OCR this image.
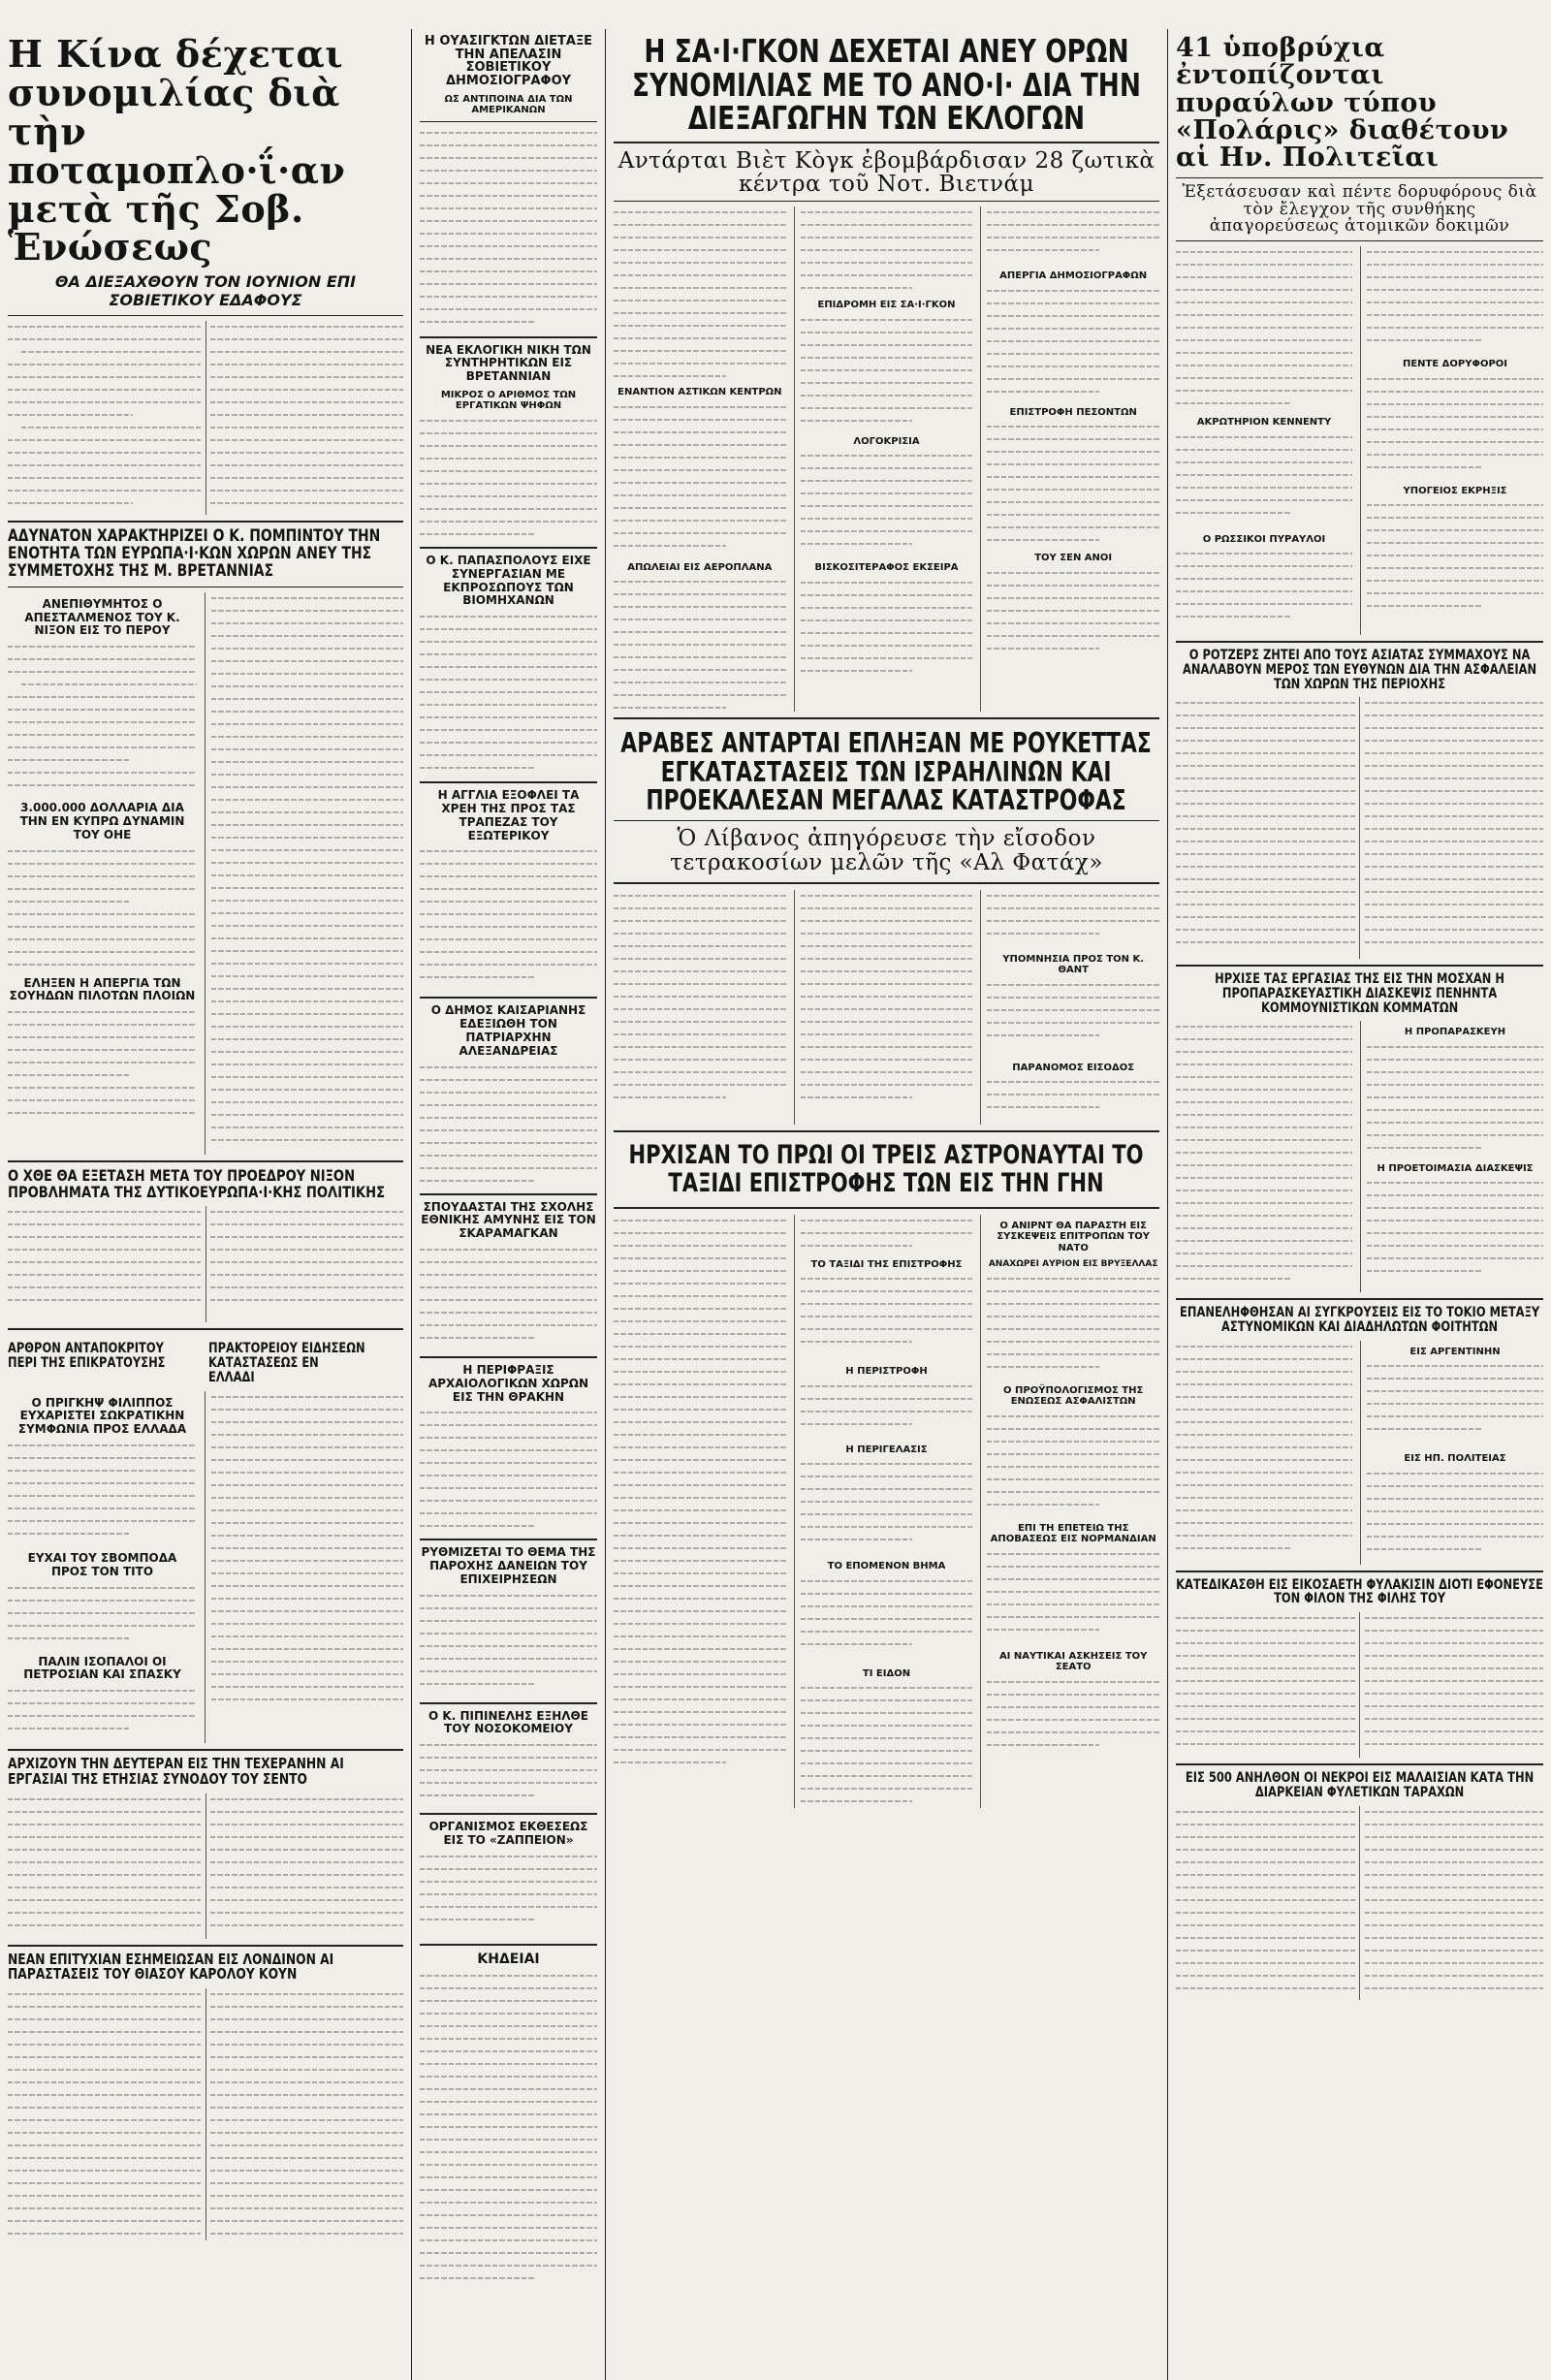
Η Κίνα δέχεται συνομιλίας διὰ τὴν ποταμοπλο·ΐ·αν μετὰ τῆς Σοβ. Ἑνώσεως
ΘΑ ΔΙΕΞΑΧΘΟΥΝ ΤΟΝ ΙΟΥΝΙΟΝ ΕΠΙ ΣΟΒΙΕΤΙΚΟΥ ΕΔΑΦΟΥΣ
ΑΔΥΝΑΤΟΝ ΧΑΡΑΚΤΗΡΙΖΕΙ Ο Κ. ΠΟΜΠΙΝΤΟΥ ΤΗΝ ΕΝΟΤΗΤΑ ΤΩΝ ΕΥΡΩΠΑ·Ι·ΚΩΝ ΧΩΡΩΝ ΑΝΕΥ ΤΗΣ ΣΥΜΜΕΤΟΧΗΣ ΤΗΣ Μ. ΒΡΕΤΑΝΝΙΑΣ
ΑΝΕΠΙΘΥΜΗΤΟΣ Ο ΑΠΕΣΤΑΛΜΕΝΟΣ ΤΟΥ Κ. ΝΙΞΟΝ ΕΙΣ ΤΟ ΠΕΡΟΥ
3.000.000 ΔΟΛΛΑΡΙΑ ΔΙΑ ΤΗΝ ΕΝ ΚΥΠΡΩ ΔΥΝΑΜΙΝ ΤΟΥ ΟΗΕ
ΕΛΗΞΕΝ Η ΑΠΕΡΓΙΑ ΤΩΝ ΣΟΥΗΔΩΝ ΠΙΛΟΤΩΝ ΠΛΟΙΩΝ
Ο ΧΘΕ ΘΑ ΕΞΕΤΑΣΗ ΜΕΤΑ ΤΟΥ ΠΡΟΕΔΡΟΥ ΝΙΞΟΝ ΠΡΟΒΛΗΜΑΤΑ ΤΗΣ ΔΥΤΙΚΟΕΥΡΩΠΑ·Ι·ΚΗΣ ΠΟΛΙΤΙΚΗΣ
ΑΡΘΡΟΝ ΑΝΤΑΠΟΚΡΙΤΟΥ ΠΕΡΙ ΤΗΣ ΕΠΙΚΡΑΤΟΥΣΗΣ
ΠΡΑΚΤΟΡΕΙΟΥ ΕΙΔΗΣΕΩΝ ΚΑΤΑΣΤΑΣΕΩΣ ΕΝ ΕΛΛΑΔΙ
Ο ΠΡΙΓΚΗΨ ΦΙΛΙΠΠΟΣ ΕΥΧΑΡΙΣΤΕΙ ΣΩΚΡΑΤΙΚΗΝ ΣΥΜΦΩΝΙΑ ΠΡΟΣ ΕΛΛΑΔΑ
ΕΥΧΑΙ ΤΟΥ ΣΒΟΜΠΟΔΑ ΠΡΟΣ ΤΟΝ ΤΙΤΟ
ΠΑΛΙΝ ΙΣΟΠΑΛΟΙ ΟΙ ΠΕΤΡΟΣΙΑΝ ΚΑΙ ΣΠΑΣΚΥ
ΑΡΧΙΖΟΥΝ ΤΗΝ ΔΕΥΤΕΡΑΝ ΕΙΣ ΤΗΝ ΤΕΧΕΡΑΝΗΝ ΑΙ ΕΡΓΑΣΙΑΙ ΤΗΣ ΕΤΗΣΙΑΣ ΣΥΝΟΔΟΥ ΤΟΥ ΣΕΝΤΟ
ΝΕΑΝ ΕΠΙΤΥΧΙΑΝ ΕΣΗΜΕΙΩΣΑΝ ΕΙΣ ΛΟΝΔΙΝΟΝ ΑΙ ΠΑΡΑΣΤΑΣΕΙΣ ΤΟΥ ΘΙΑΣΟΥ ΚΑΡΟΛΟΥ ΚΟΥΝ
Η ΟΥΑΣΙΓΚΤΩΝ ΔΙΕΤΑΞΕ ΤΗΝ ΑΠΕΛΑΣΙΝ ΣΟΒΙΕΤΙΚΟΥ ΔΗΜΟΣΙΟΓΡΑΦΟΥ
ΩΣ ΑΝΤΙΠΟΙΝΑ ΔΙΑ ΤΩΝ ΑΜΕΡΙΚΑΝΩΝ
ΝΕΑ ΕΚΛΟΓΙΚΗ ΝΙΚΗ ΤΩΝ ΣΥΝΤΗΡΗΤΙΚΩΝ ΕΙΣ ΒΡΕΤΑΝΝΙΑΝ
ΜΙΚΡΟΣ Ο ΑΡΙΘΜΟΣ ΤΩΝ ΕΡΓΑΤΙΚΩΝ ΨΗΦΩΝ
Ο Κ. ΠΑΠΑΣΠΟΛΟΥΣ ΕΙΧΕ ΣΥΝΕΡΓΑΣΙΑΝ ΜΕ ΕΚΠΡΟΣΩΠΟΥΣ ΤΩΝ ΒΙΟΜΗΧΑΝΩΝ
Η ΑΓΓΛΙΑ ΕΞΟΦΛΕΙ ΤΑ ΧΡΕΗ ΤΗΣ ΠΡΟΣ ΤΑΣ ΤΡΑΠΕΖΑΣ ΤΟΥ ΕΞΩΤΕΡΙΚΟΥ
Ο ΔΗΜΟΣ ΚΑΙΣΑΡΙΑΝΗΣ ΕΔΕΞΙΩΘΗ ΤΟΝ ΠΑΤΡΙΑΡΧΗΝ ΑΛΕΞΑΝΔΡΕΙΑΣ
ΣΠΟΥΔΑΣΤΑΙ ΤΗΣ ΣΧΟΛΗΣ ΕΘΝΙΚΗΣ ΑΜΥΝΗΣ ΕΙΣ ΤΟΝ ΣΚΑΡΑΜΑΓΚΑΝ
Η ΠΕΡΙΦΡΑΞΙΣ ΑΡΧΑΙΟΛΟΓΙΚΩΝ ΧΩΡΩΝ ΕΙΣ ΤΗΝ ΘΡΑΚΗΝ
ΡΥΘΜΙΖΕΤΑΙ ΤΟ ΘΕΜΑ ΤΗΣ ΠΑΡΟΧΗΣ ΔΑΝΕΙΩΝ ΤΟΥ ΕΠΙΧΕΙΡΗΣΕΩΝ
Ο Κ. ΠΙΠΙΝΕΛΗΣ ΕΞΗΛΘΕ ΤΟΥ ΝΟΣΟΚΟΜΕΙΟΥ
ΟΡΓΑΝΙΣΜΟΣ ΕΚΘΕΣΕΩΣ ΕΙΣ ΤΟ «ΖΑΠΠΕΙΟΝ»
ΚΗΔΕΙΑΙ
Η ΣΑ·Ι·ΓΚΟΝ ΔΕΧΕΤΑΙ ΑΝΕΥ ΟΡΩΝ ΣΥΝΟΜΙΛΙΑΣ ΜΕ ΤΟ ΑΝΟ·Ι· ΔΙΑ ΤΗΝ ΔΙΕΞΑΓΩΓΗΝ ΤΩΝ ΕΚΛΟΓΩΝ
Αντάρται Βιὲτ Κὸγκ ἐβομβάρδισαν 28 ζωτικὰ κέντρα τοῦ Νοτ. Βιετνάμ
ΕΝΑΝΤΙΟΝ ΑΣΤΙΚΩΝ ΚΕΝΤΡΩΝ
ΑΠΩΛΕΙΑΙ ΕΙΣ ΑΕΡΟΠΛΑΝΑ
ΕΠΙΔΡΟΜΗ ΕΙΣ ΣΑ·Ι·ΓΚΟΝ
ΛΟΓΟΚΡΙΣΙΑ
ΒΙΣΚΟΣΙΤΕΡΑΦΟΣ ΕΚΣΕΙΡΑ
ΑΠΕΡΓΙΑ ΔΗΜΟΣΙΟΓΡΑΦΩΝ
ΕΠΙΣΤΡΟΦΗ ΠΕΣΟΝΤΩΝ
ΤΟΥ ΣΕΝ ΑΝΟΙ
ΑΡΑΒΕΣ ΑΝΤΑΡΤΑΙ ΕΠΛΗΞΑΝ ΜΕ ΡΟΥΚΕΤΤΑΣ ΕΓΚΑΤΑΣΤΑΣΕΙΣ ΤΩΝ ΙΣΡΑΗΛΙΝΩΝ ΚΑΙ ΠΡΟΕΚΑΛΕΣΑΝ ΜΕΓΑΛΑΣ ΚΑΤΑΣΤΡΟΦΑΣ
Ὁ Λίβανος ἀπηγόρευσε τὴν εἴσοδον τετρακοσίων μελῶν τῆς «Αλ Φατάχ»
ΥΠΟΜΝΗΣΙΑ ΠΡΟΣ ΤΟΝ Κ. ΘΑΝΤ
ΠΑΡΑΝΟΜΟΣ ΕΙΣΟΔΟΣ
ΗΡΧΙΣΑΝ ΤΟ ΠΡΩΙ ΟΙ ΤΡΕΙΣ ΑΣΤΡΟΝΑΥΤΑΙ ΤΟ ΤΑΞΙΔΙ ΕΠΙΣΤΡΟΦΗΣ ΤΩΝ ΕΙΣ ΤΗΝ ΓΗΝ
ΤΟ ΤΑΞΙΔΙ ΤΗΣ ΕΠΙΣΤΡΟΦΗΣ
Η ΠΕΡΙΣΤΡΟΦΗ
Η ΠΕΡΙΓΕΛΑΣΙΣ
ΤΟ ΕΠΟΜΕΝΟΝ ΒΗΜΑ
ΤΙ ΕΙΔΟΝ
Ο ΑΝΙΡΝΤ ΘΑ ΠΑΡΑΣΤΗ ΕΙΣ ΣΥΣΚΕΨΕΙΣ ΕΠΙΤΡΟΠΩΝ ΤΟΥ ΝΑΤΟ
ΑΝΑΧΩΡΕΙ ΑΥΡΙΟΝ ΕΙΣ ΒΡΥΞΕΛΛΑΣ
Ο ΠΡΟΫΠΟΛΟΓΙΣΜΟΣ ΤΗΣ ΕΝΩΣΕΩΣ ΑΣΦΑΛΙΣΤΩΝ
ΕΠΙ ΤΗ ΕΠΕΤΕΙΩ ΤΗΣ ΑΠΟΒΑΣΕΩΣ ΕΙΣ ΝΟΡΜΑΝΔΙΑΝ
ΑΙ ΝΑΥΤΙΚΑΙ ΑΣΚΗΣΕΙΣ ΤΟΥ ΣΕΑΤΟ
41 ὑποβρύχια ἐντοπίζονται πυραύλων τύπου «Πολάρις» διαθέτουν αἱ Ην. Πολιτεῖαι
Ἐξετάσευσαν καὶ πέντε δορυφόρους διὰ τὸν ἔλεγχον τῆς συνθήκης ἀπαγορεύσεως ἀτομικῶν δοκιμῶν
ΑΚΡΩΤΗΡΙΟΝ ΚΕΝΝΕΝΤΥ
Ο ΡΩΣΣΙΚΟΙ ΠΥΡΑΥΛΟΙ
ΠΕΝΤΕ ΔΟΡΥΦΟΡΟΙ
ΥΠΟΓΕΙΟΣ ΕΚΡΗΞΙΣ
Ο ΡΟΤΖΕΡΣ ΖΗΤΕΙ ΑΠΟ ΤΟΥΣ ΑΣΙΑΤΑΣ ΣΥΜΜΑΧΟΥΣ ΝΑ ΑΝΑΛΑΒΟΥΝ ΜΕΡΟΣ ΤΩΝ ΕΥΘΥΝΩΝ ΔΙΑ ΤΗΝ ΑΣΦΑΛΕΙΑΝ ΤΩΝ ΧΩΡΩΝ ΤΗΣ ΠΕΡΙΟΧΗΣ
ΗΡΧΙΣΕ ΤΑΣ ΕΡΓΑΣΙΑΣ ΤΗΣ ΕΙΣ ΤΗΝ ΜΟΣΧΑΝ Η ΠΡΟΠΑΡΑΣΚΕΥΑΣΤΙΚΗ ΔΙΑΣΚΕΨΙΣ ΠΕΝΗΝΤΑ ΚΟΜΜΟΥΝΙΣΤΙΚΩΝ ΚΟΜΜΑΤΩΝ
Η ΠΡΟΠΑΡΑΣΚΕΥΗ
Η ΠΡΟΕΤΟΙΜΑΣΙΑ ΔΙΑΣΚΕΨΙΣ
ΕΠΑΝΕΛΗΦΘΗΣΑΝ ΑΙ ΣΥΓΚΡΟΥΣΕΙΣ ΕΙΣ ΤΟ ΤΟΚΙΟ ΜΕΤΑΞΥ ΑΣΤΥΝΟΜΙΚΩΝ ΚΑΙ ΔΙΑΔΗΛΩΤΩΝ ΦΟΙΤΗΤΩΝ
ΕΙΣ ΑΡΓΕΝΤΙΝΗΝ
ΕΙΣ ΗΠ. ΠΟΛΙΤΕΙΑΣ
ΚΑΤΕΔΙΚΑΣΘΗ ΕΙΣ ΕΙΚΟΣΑΕΤΗ ΦΥΛΑΚΙΣΙΝ ΔΙΟΤΙ ΕΦΟΝΕΥΣΕ ΤΟΝ ΦΙΛΟΝ ΤΗΣ ΦΙΛΗΣ ΤΟΥ
ΕΙΣ 500 ΑΝΗΛΘΟΝ ΟΙ ΝΕΚΡΟΙ ΕΙΣ ΜΑΛΑΙΣΙΑΝ ΚΑΤΑ ΤΗΝ ΔΙΑΡΚΕΙΑΝ ΦΥΛΕΤΙΚΩΝ ΤΑΡΑΧΩΝ
